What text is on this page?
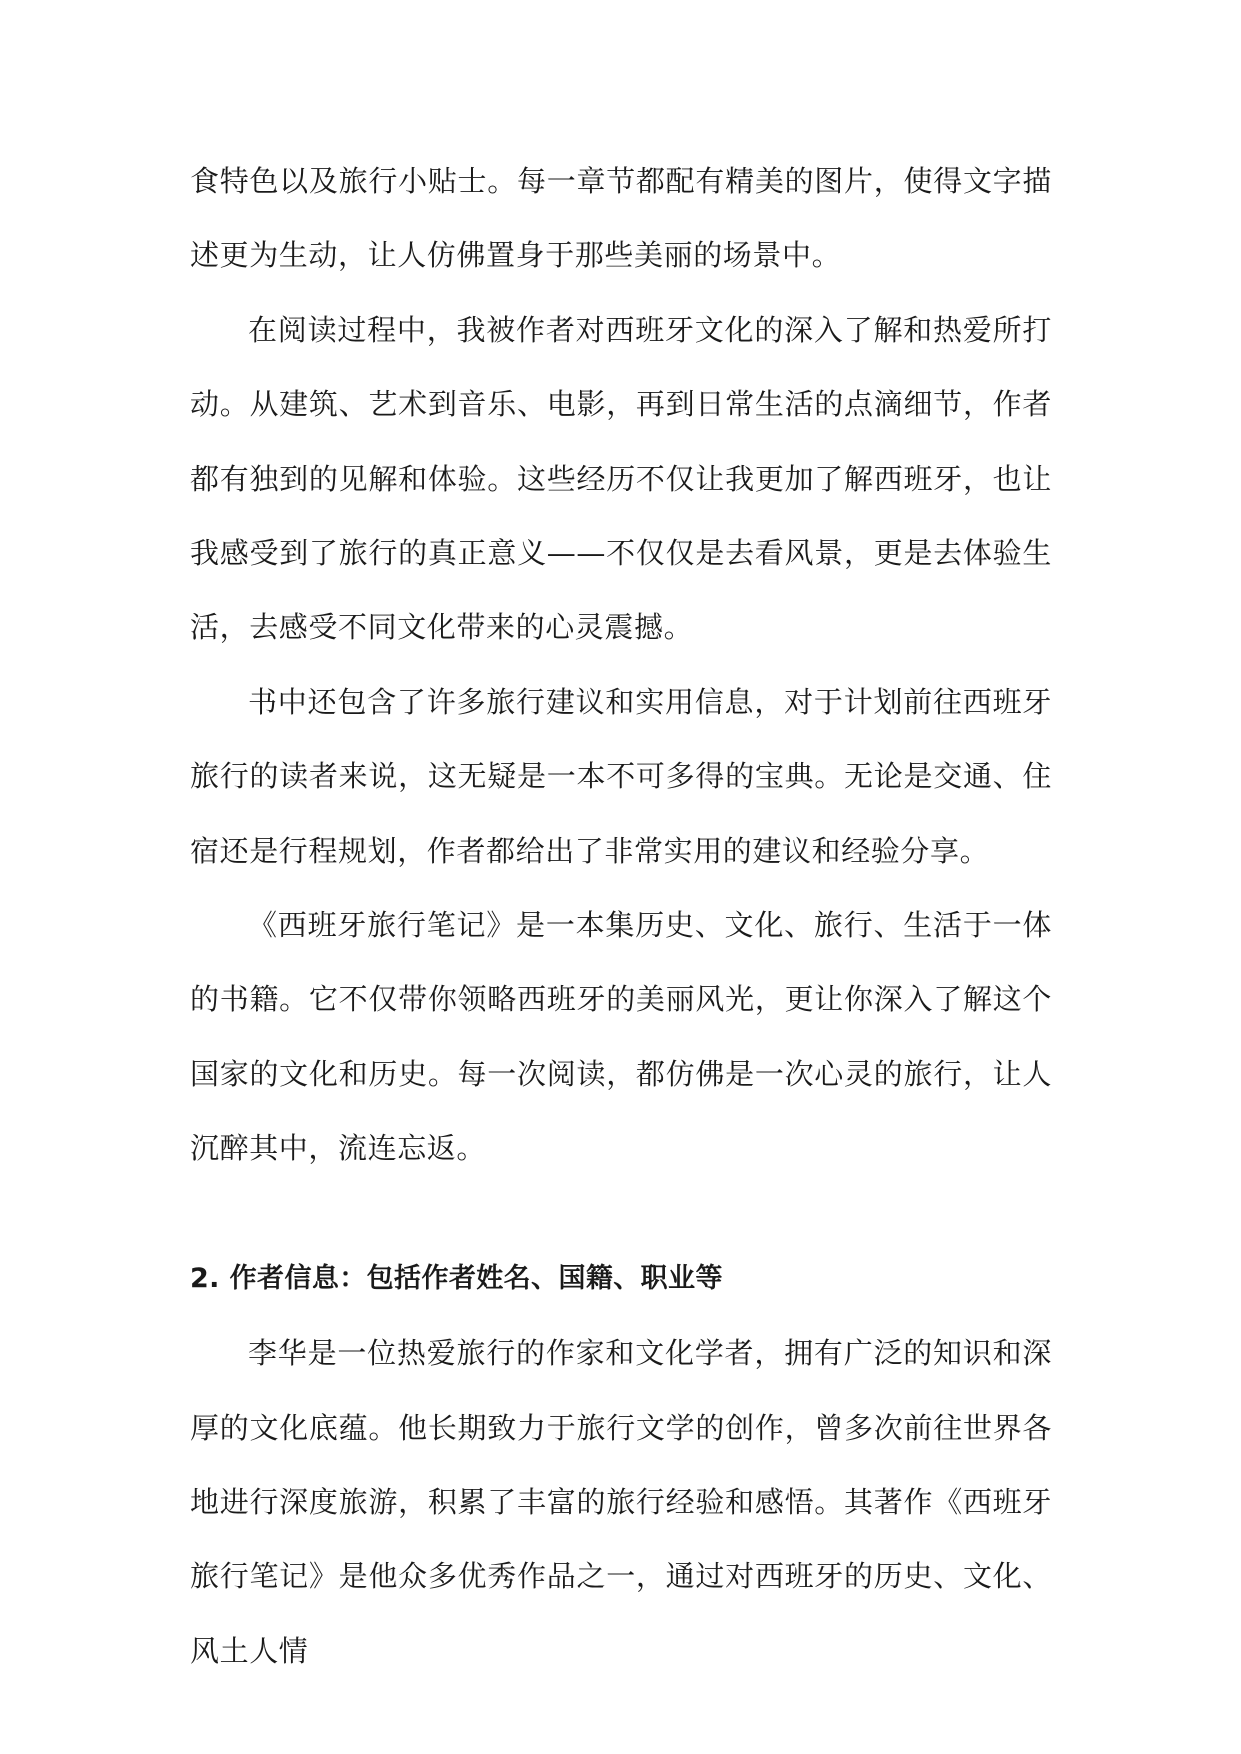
食特色以及旅行小贴士。每一章节都配有精美的图片，使得文字描述更为生动，让人仿佛置身于那些美丽的场景中。

在阅读过程中，我被作者对西班牙文化的深入了解和热爱所打动。从建筑、艺术到音乐、电影，再到日常生活的点滴细节，作者都有独到的见解和体验。这些经历不仅让我更加了解西班牙，也让我感受到了旅行的真正意义——不仅仅是去看风景，更是去体验生活，去感受不同文化带来的心灵震撼。

书中还包含了许多旅行建议和实用信息，对于计划前往西班牙旅行的读者来说，这无疑是一本不可多得的宝典。无论是交通、住宿还是行程规划，作者都给出了非常实用的建议和经验分享。

《西班牙旅行笔记》是一本集历史、文化、旅行、生活于一体的书籍。它不仅带你领略西班牙的美丽风光，更让你深入了解这个国家的文化和历史。每一次阅读，都仿佛是一次心灵的旅行，让人沉醉其中，流连忘返。

2. 作者信息：包括作者姓名、国籍、职业等

李华是一位热爱旅行的作家和文化学者，拥有广泛的知识和深厚的文化底蕴。他长期致力于旅行文学的创作，曾多次前往世界各地进行深度旅游，积累了丰富的旅行经验和感悟。其著作《西班牙旅行笔记》是他众多优秀作品之一，通过对西班牙的历史、文化、风土人情
